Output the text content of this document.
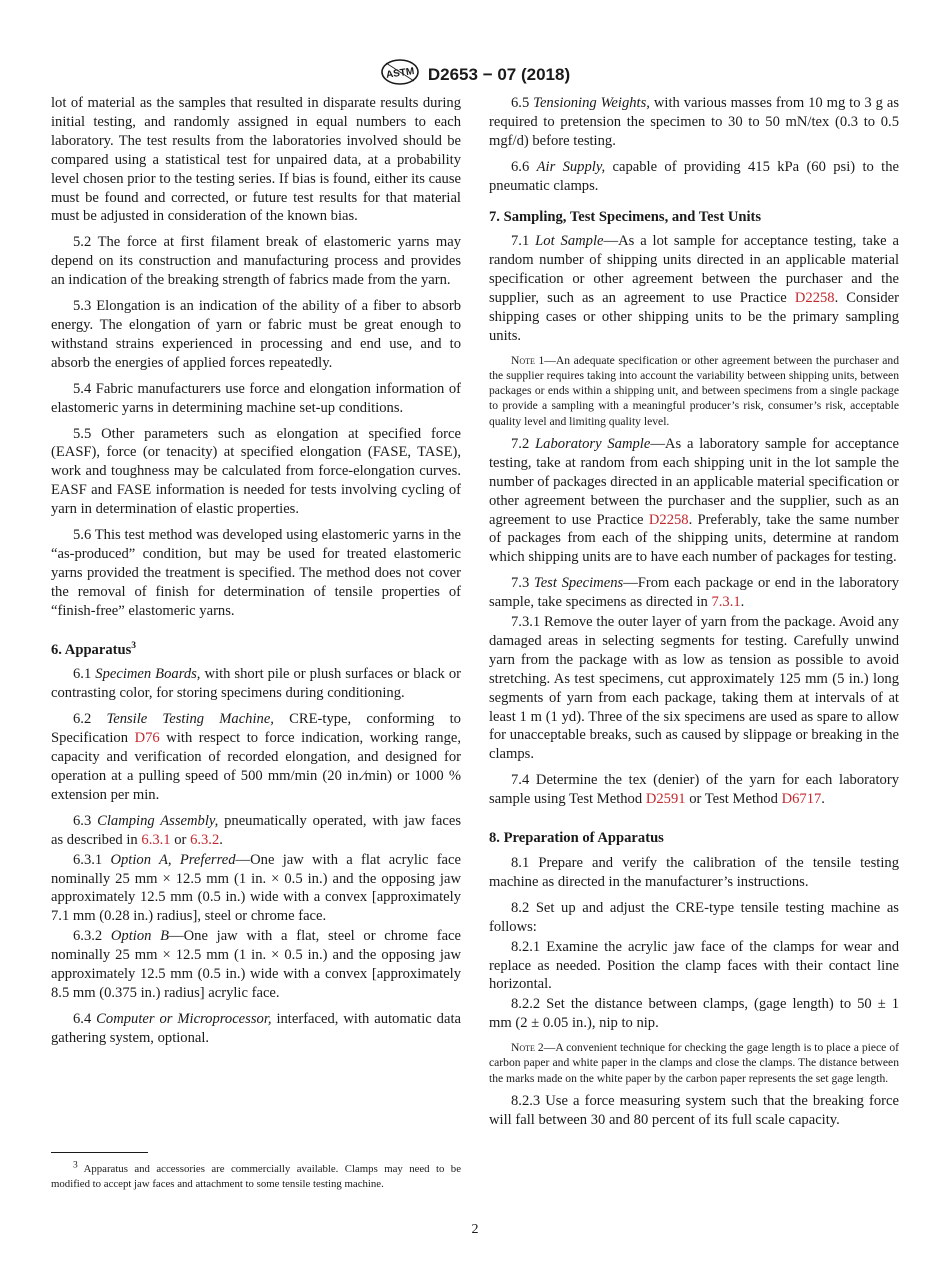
ASTM D2653 − 07 (2018)

lot of material as the samples that resulted in disparate results during initial testing, and randomly assigned in equal numbers to each laboratory. The test results from the laboratories involved should be compared using a statistical test for unpaired data, at a probability level chosen prior to the testing series. If bias is found, either its cause must be found and corrected, or future test results for that material must be adjusted in consideration of the known bias.

5.2 The force at first filament break of elastomeric yarns may depend on its construction and manufacturing process and provides an indication of the breaking strength of fabrics made from the yarn.

5.3 Elongation is an indication of the ability of a fiber to absorb energy. The elongation of yarn or fabric must be great enough to withstand strains experienced in processing and end use, and to absorb the energies of applied forces repeatedly.

5.4 Fabric manufacturers use force and elongation information of elastomeric yarns in determining machine set-up conditions.

5.5 Other parameters such as elongation at specified force (EASF), force (or tenacity) at specified elongation (FASE, TASE), work and toughness may be calculated from force-elongation curves. EASF and FASE information is needed for tests involving cycling of yarn in determination of elastic properties.

5.6 This test method was developed using elastomeric yarns in the “as-produced” condition, but may be used for treated elastomeric yarns provided the treatment is specified. The method does not cover the removal of finish for determination of tensile properties of “finish-free” elastomeric yarns.

6. Apparatus$^3$

6.1 Specimen Boards, with short pile or plush surfaces or black or contrasting color, for storing specimens during conditioning.

6.2 Tensile Testing Machine, CRE-type, conforming to Specification D76 with respect to force indication, working range, capacity and verification of recorded elongation, and designed for operation at a pulling speed of 500 mm/min (20 in.⁄min) or 1000 % extension per min.

6.3 Clamping Assembly, pneumatically operated, with jaw faces as described in 6.3.1 or 6.3.2.

6.3.1 Option A, Preferred—One jaw with a flat acrylic face nominally 25 mm × 12.5 mm (1 in. × 0.5 in.) and the opposing jaw approximately 12.5 mm (0.5 in.) wide with a convex [approximately 7.1 mm (0.28 in.) radius], steel or chrome face.

6.3.2 Option B—One jaw with a flat, steel or chrome face nominally 25 mm × 12.5 mm (1 in. × 0.5 in.) and the opposing jaw approximately 12.5 mm (0.5 in.) wide with a convex [approximately 8.5 mm (0.375 in.) radius] acrylic face.

6.4 Computer or Microprocessor, interfaced, with automatic data gathering system, optional.

6.5 Tensioning Weights, with various masses from 10 mg to 3 g as required to pretension the specimen to 30 to 50 mN/tex (0.3 to 0.5 mgf/d) before testing.

6.6 Air Supply, capable of providing 415 kPa (60 psi) to the pneumatic clamps.

7. Sampling, Test Specimens, and Test Units

7.1 Lot Sample—As a lot sample for acceptance testing, take a random number of shipping units directed in an applicable material specification or other agreement between the purchaser and the supplier, such as an agreement to use Practice D2258. Consider shipping cases or other shipping units to be the primary sampling units.

Note 1—An adequate specification or other agreement between the purchaser and the supplier requires taking into account the variability between shipping units, between packages or ends within a shipping unit, and between specimens from a single package to provide a sampling with a meaningful producer’s risk, consumer’s risk, acceptable quality level and limiting quality level.

7.2 Laboratory Sample—As a laboratory sample for acceptance testing, take at random from each shipping unit in the lot sample the number of packages directed in an applicable material specification or other agreement between the purchaser and the supplier, such as an agreement to use Practice D2258. Preferably, take the same number of packages from each of the shipping units, determine at random which shipping units are to have each number of packages for testing.

7.3 Test Specimens—From each package or end in the laboratory sample, take specimens as directed in 7.3.1.

7.3.1 Remove the outer layer of yarn from the package. Avoid any damaged areas in selecting segments for testing. Carefully unwind yarn from the package with as low as tension as possible to avoid stretching. As test specimens, cut approximately 125 mm (5 in.) long segments of yarn from each package, taking them at intervals of at least 1 m (1 yd). Three of the six specimens are used as spare to allow for unacceptable breaks, such as caused by slippage or breaking in the clamps.

7.4 Determine the tex (denier) of the yarn for each laboratory sample using Test Method D2591 or Test Method D6717.

8. Preparation of Apparatus

8.1 Prepare and verify the calibration of the tensile testing machine as directed in the manufacturer’s instructions.

8.2 Set up and adjust the CRE-type tensile testing machine as follows:

8.2.1 Examine the acrylic jaw face of the clamps for wear and replace as needed. Position the clamp faces with their contact line horizontal.

8.2.2 Set the distance between clamps, (gage length) to 50 ± 1 mm (2 ± 0.05 in.), nip to nip.

Note 2—A convenient technique for checking the gage length is to place a piece of carbon paper and white paper in the clamps and close the clamps. The distance between the marks made on the white paper by the carbon paper represents the set gage length.

8.2.3 Use a force measuring system such that the breaking force will fall between 30 and 80 percent of its full scale capacity.

$^3$ Apparatus and accessories are commercially available. Clamps may need to be modified to accept jaw faces and attachment to some tensile testing machine.
2
